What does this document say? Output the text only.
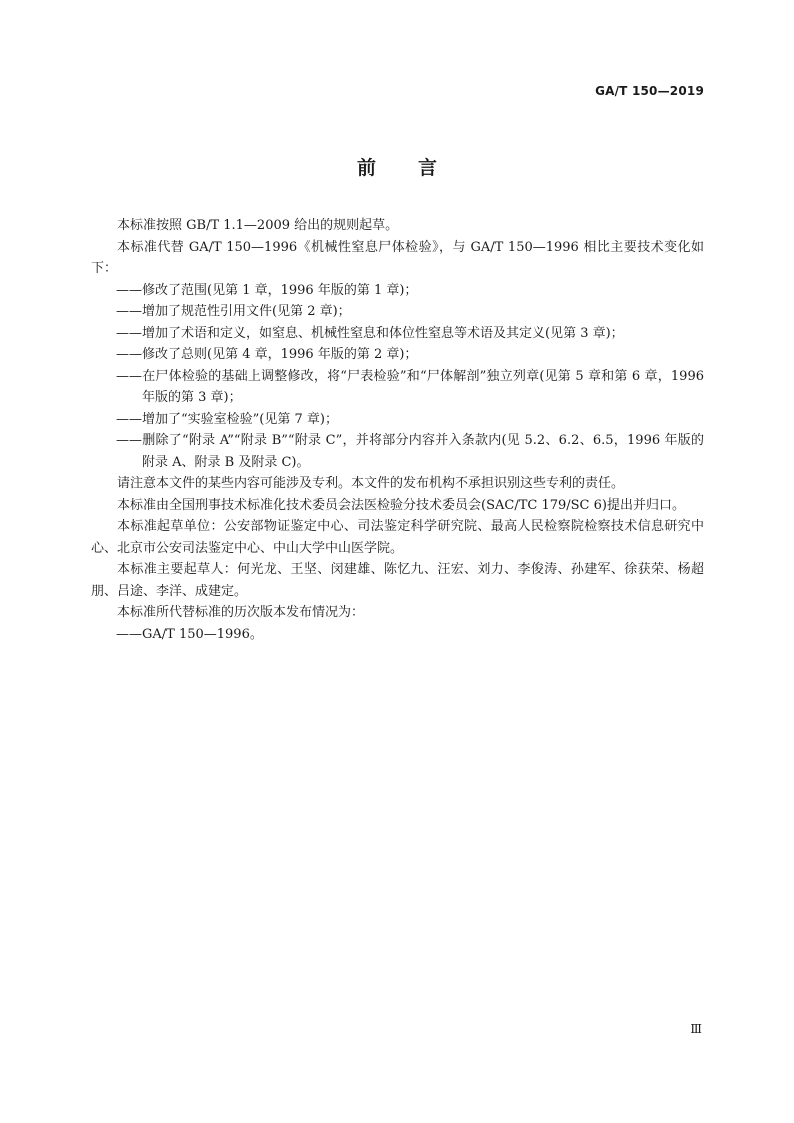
GA/T 150—2019
前言

本标准按照 GB/T 1.1—2009 给出的规则起草。

本标准代替 GA/T 150—1996《机械性窒息尸体检验》，与 GA/T 150—1996 相比主要技术变化如下：

——修改了范围(见第 1 章，1996 年版的第 1 章)；

——增加了规范性引用文件(见第 2 章)；

——增加了术语和定义，如窒息、机械性窒息和体位性窒息等术语及其定义(见第 3 章)；

——修改了总则(见第 4 章，1996 年版的第 2 章)；

——在尸体检验的基础上调整修改，将“尸表检验”和“尸体解剖”独立列章(见第 5 章和第 6 章，1996 年版的第 3 章)；

——增加了“实验室检验”(见第 7 章)；

——删除了“附录 A”“附录 B”“附录 C”，并将部分内容并入条款内(见 5.2、6.2、6.5，1996 年版的附录 A、附录 B 及附录 C)。

请注意本文件的某些内容可能涉及专利。本文件的发布机构不承担识别这些专利的责任。

本标准由全国刑事技术标准化技术委员会法医检验分技术委员会(SAC/TC 179/SC 6)提出并归口。

本标准起草单位：公安部物证鉴定中心、司法鉴定科学研究院、最高人民检察院检察技术信息研究中心、北京市公安司法鉴定中心、中山大学中山医学院。

本标准主要起草人：何光龙、王坚、闵建雄、陈忆九、汪宏、刘力、李俊涛、孙建军、徐获荣、杨超朋、吕途、李洋、成建定。

本标准所代替标准的历次版本发布情况为：

——GA/T 150—1996。

Ⅲ
